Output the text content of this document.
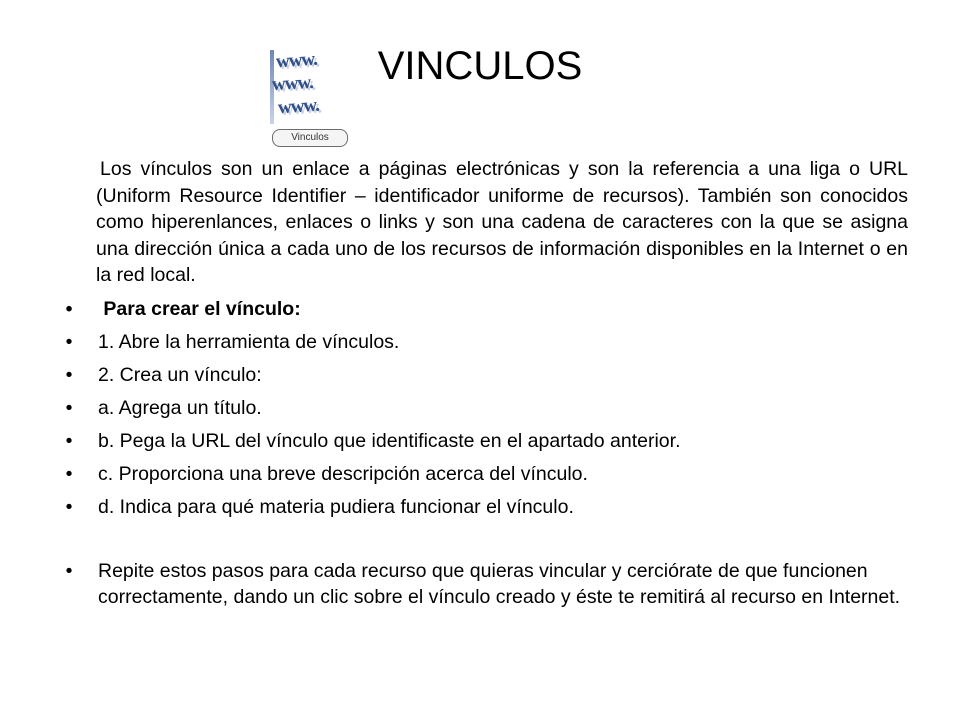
VINCULOS
www.
www.
www.
Vinculos

Los vínculos son un enlace a páginas electrónicas y son la referencia a una liga o URL (Uniform Resource Identifier – identificador uniforme de recursos). También son conocidos como hiperenlances, enlaces o links y son una cadena de caracteres con la que se asigna una dirección única a cada uno de los recursos de información disponibles en la Internet o en la red local.

• Para crear el vínculo:
• 1. Abre la herramienta de vínculos.
• 2. Crea un vínculo:
• a. Agrega un título.
• b. Pega la URL del vínculo que identificaste en el apartado anterior.
• c. Proporciona una breve descripción acerca del vínculo.
• d. Indica para qué materia pudiera funcionar el vínculo.
• Repite estos pasos para cada recurso que quieras vincular y cerciórate de que funcionen correctamente, dando un clic sobre el vínculo creado y éste te remitirá al recurso en Internet.
